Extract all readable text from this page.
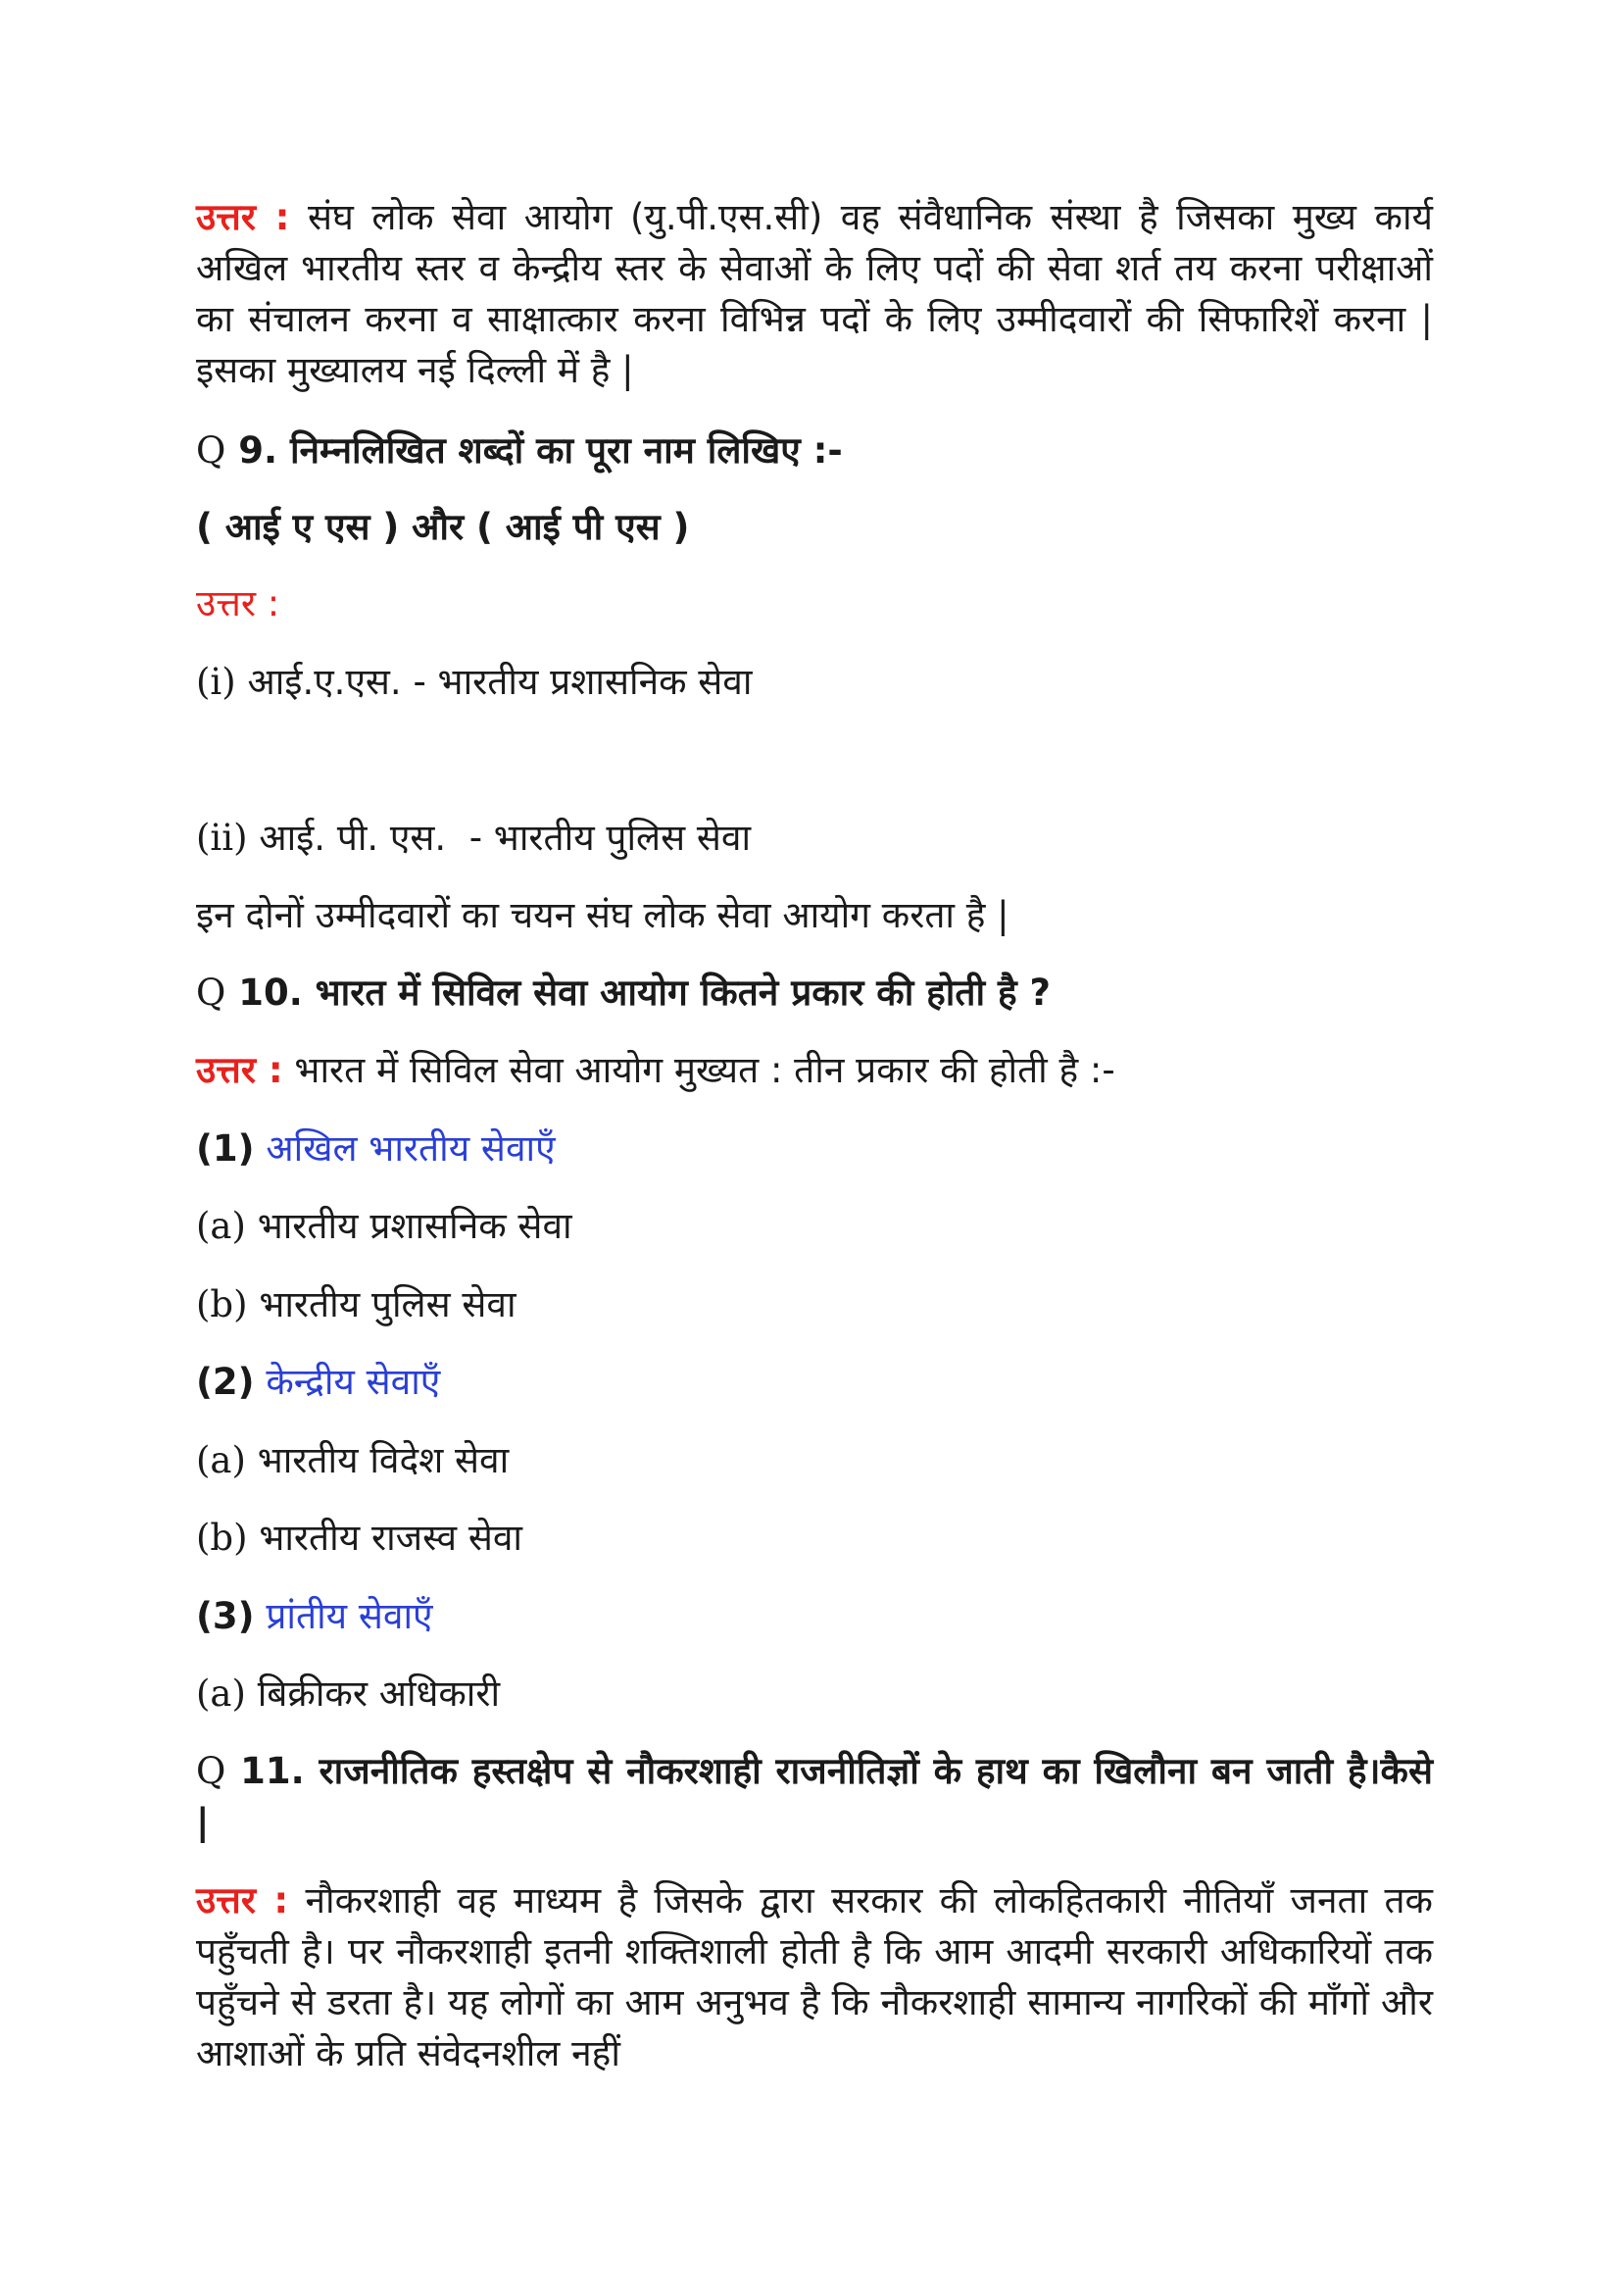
उत्तर : संघ लोक सेवा आयोग (यु.पी.एस.सी) वह संवैधानिक संस्था है जिसका मुख्य कार्य अखिल भारतीय स्तर व केन्द्रीय स्तर के सेवाओं के लिए पदों की सेवा शर्त तय करना परीक्षाओं का संचालन करना व साक्षात्कार करना विभिन्न पदों के लिए उम्मीदवारों की सिफारिशें करना | इसका मुख्यालय नई दिल्ली में है |

Q 9. निम्नलिखित शब्दों का पूरा नाम लिखिए :-

( आई ए एस ) और ( आई पी एस )

उत्तर :

(i) आई.ए.एस. - भारतीय प्रशासनिक सेवा

(ii) आई. पी. एस.  - भारतीय पुलिस सेवा

इन दोनों उम्मीदवारों का चयन संघ लोक सेवा आयोग करता है |

Q 10. भारत में सिविल सेवा आयोग कितने प्रकार की होती है ?

उत्तर : भारत में सिविल सेवा आयोग मुख्यत : तीन प्रकार की होती है :-

(1) अखिल भारतीय सेवाएँ

(a) भारतीय प्रशासनिक सेवा

(b) भारतीय पुलिस सेवा

(2) केन्द्रीय सेवाएँ

(a) भारतीय विदेश सेवा

(b) भारतीय राजस्व सेवा

(3) प्रांतीय सेवाएँ

(a) बिक्रीकर अधिकारी

Q 11. राजनीतिक हस्तक्षेप से नौकरशाही राजनीतिज्ञों के हाथ का खिलौना बन जाती है।कैसे |

उत्तर : नौकरशाही वह माध्यम है जिसके द्वारा सरकार की लोकहितकारी नीतियाँ जनता तक पहुँचती है। पर नौकरशाही इतनी शक्तिशाली होती है कि आम आदमी सरकारी अधिकारियों तक पहुँचने से डरता है। यह लोगों का आम अनुभव है कि नौकरशाही सामान्य नागरिकों की माँगों और आशाओं के प्रति संवेदनशील नहीं
